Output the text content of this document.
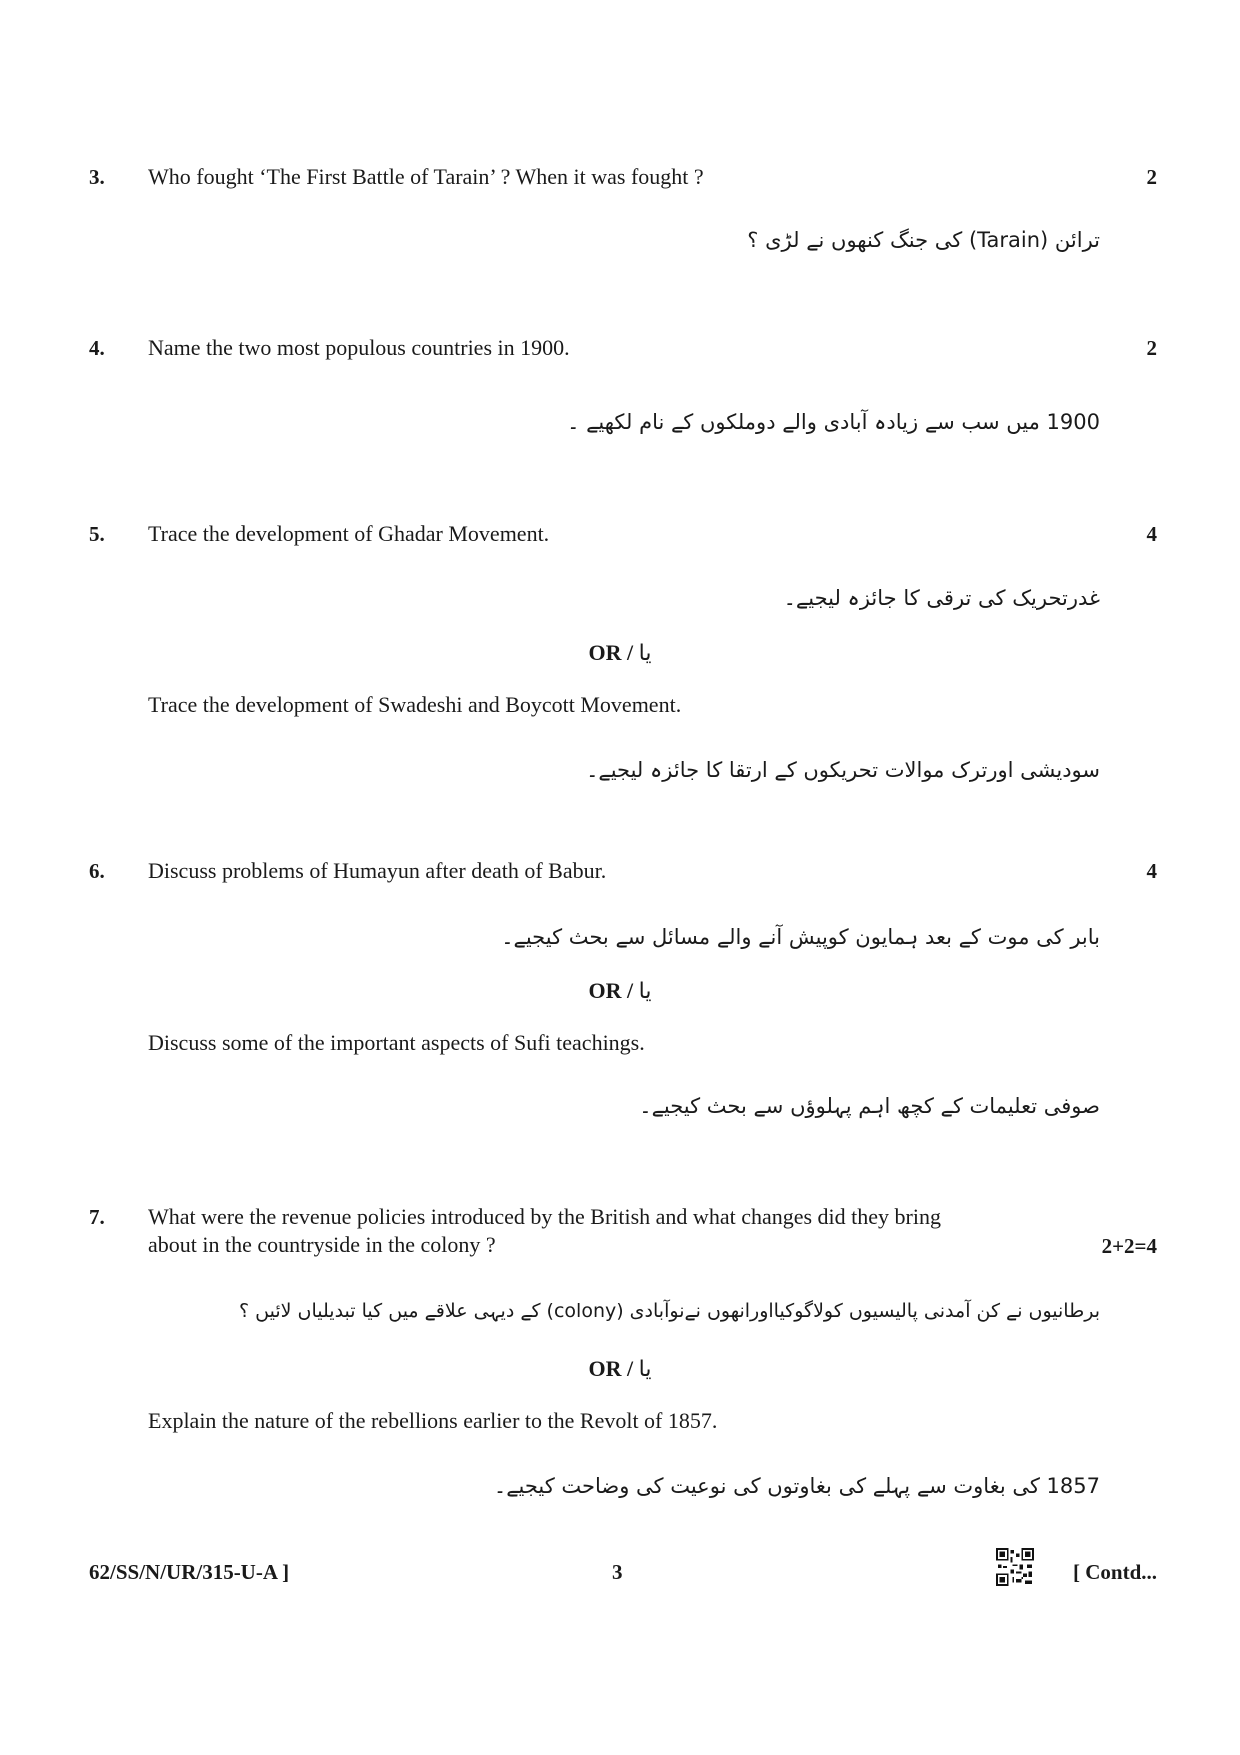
3. Who fought ‘The First Battle of Tarain’ ? When it was fought ?	2
ترائن (Tarain) کی جنگ کنھوں نے لڑی ؟
4. Name the two most populous countries in 1900.	2
1900 میں سب سے زیادہ آبادی والے دوملکوں کے نام لکھیے ۔
5. Trace the development of Ghadar Movement.	4
غدرتحریک کی ترقی کا جائزہ لیجیے۔
OR / یا
Trace the development of Swadeshi and Boycott Movement.
سودیشی اورترک موالات تحریکوں کے ارتقا کا جائزہ لیجیے۔
6. Discuss problems of Humayun after death of Babur.	4
بابر کی موت کے بعد ہمایون کوپیش آنے والے مسائل سے بحث کیجیے۔
OR / یا
Discuss some of the important aspects of Sufi teachings.
صوفی تعلیمات کے کچھ اہم پہلوؤں سے بحث کیجیے۔
7. What were the revenue policies introduced by the British and what changes did they bring
about in the countryside in the colony ?	2+2=4
برطانیوں نے کن آمدنی پالیسیوں کولاگوکیااورانھوں نےنوآبادی (colony) کے دیہی علاقے میں کیا تبدیلیاں لائیں ؟
OR / یا
Explain the nature of the rebellions earlier to the Revolt of 1857.
1857 کی بغاوت سے پہلے کی بغاوتوں کی نوعیت کی وضاحت کیجیے۔
62/SS/N/UR/315-U-A ]	3	[ Contd...
